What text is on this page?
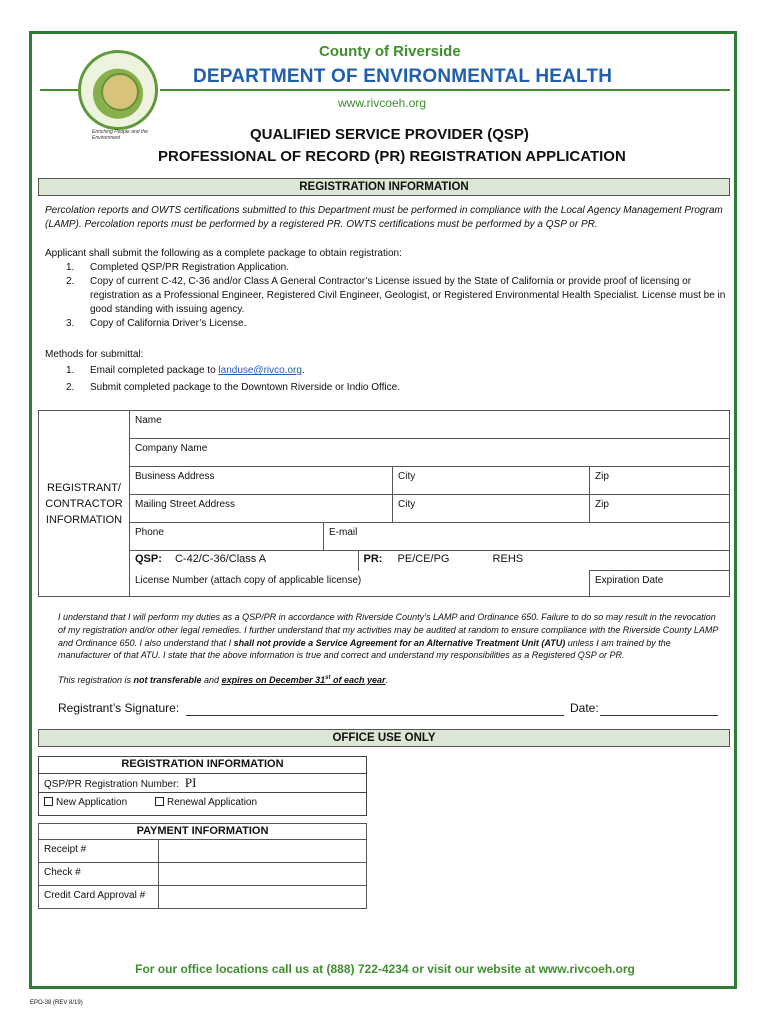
Enriching People and the Environment
County of Riverside
DEPARTMENT OF ENVIRONMENTAL HEALTH
www.rivcoeh.org
QUALIFIED SERVICE PROVIDER (QSP)
PROFESSIONAL OF RECORD (PR) REGISTRATION APPLICATION
REGISTRATION INFORMATION
Percolation reports and OWTS certifications submitted to this Department must be performed in compliance with the Local Agency Management Program (LAMP). Percolation reports must be performed by a registered PR. OWTS certifications must be performed by a QSP or PR.
Applicant shall submit the following as a complete package to obtain registration:
1.	Completed QSP/PR Registration Application.
2.	Copy of current C-42, C-36 and/or Class A General Contractor’s License issued by the State of California or provide proof of licensing or registration as a Professional Engineer, Registered Civil Engineer, Geologist, or Registered Environmental Health Specialist. License must be in good standing with issuing agency.
3.	Copy of California Driver’s License.
Methods for submittal:
1. Email completed package to landuse@rivco.org.
2. Submit completed package to the Downtown Riverside or Indio Office.
REGISTRANT/ CONTRACTOR INFORMATION	Name				
	Company Name				
	Business Address			City	Zip
	Mailing Street Address			City	Zip
	Phone	E-mail			
	QSP: C-42/C-36/Class A		PR: PE/CE/PG REHS		
	License Number (attach copy of applicable license)				Expiration Date
I understand that I will perform my duties as a QSP/PR in accordance with Riverside County’s LAMP and Ordinance 650. Failure to do so may result in the revocation of my registration and/or other legal remedies. I further understand that my activities may be audited at random to ensure compliance with the Riverside County LAMP and Ordinance 650. I also understand that I shall not provide a Service Agreement for an Alternative Treatment Unit (ATU) unless I am trained by the manufacturer of that ATU. I state that the above information is true and correct and understand my responsibilities as a Registered QSP or PR.
This registration is not transferable and expires on December 31st of each year.
Registrant’s Signature:	Date:
OFFICE USE ONLY
REGISTRATION INFORMATION
QSP/PR Registration Number: PI
New Application	Renewal Application
PAYMENT INFORMATION	
Receipt #	
Check #	
Credit Card Approval #	
For our office locations call us at (888) 722-4234 or visit our website at www.rivcoeh.org
EPO-38 (REV 8/19)
